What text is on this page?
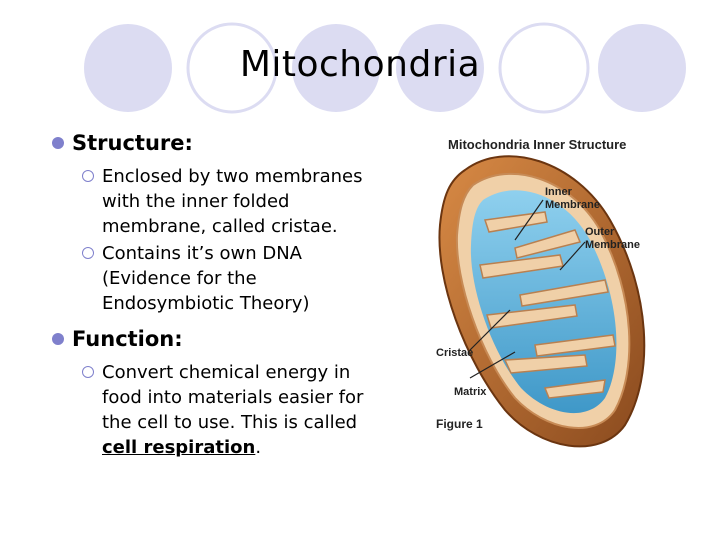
Mitochondria
Structure:
Enclosed by two membranes with the inner folded membrane, called cristae.
Contains it’s own DNA (Evidence for the Endosymbiotic Theory)
Function:
Convert chemical energy in food into materials easier for the cell to use. This is called cell respiration.
Mitochondria Inner Structure
Inner Membrane
Outer Membrane
Cristae
Matrix
Figure 1
